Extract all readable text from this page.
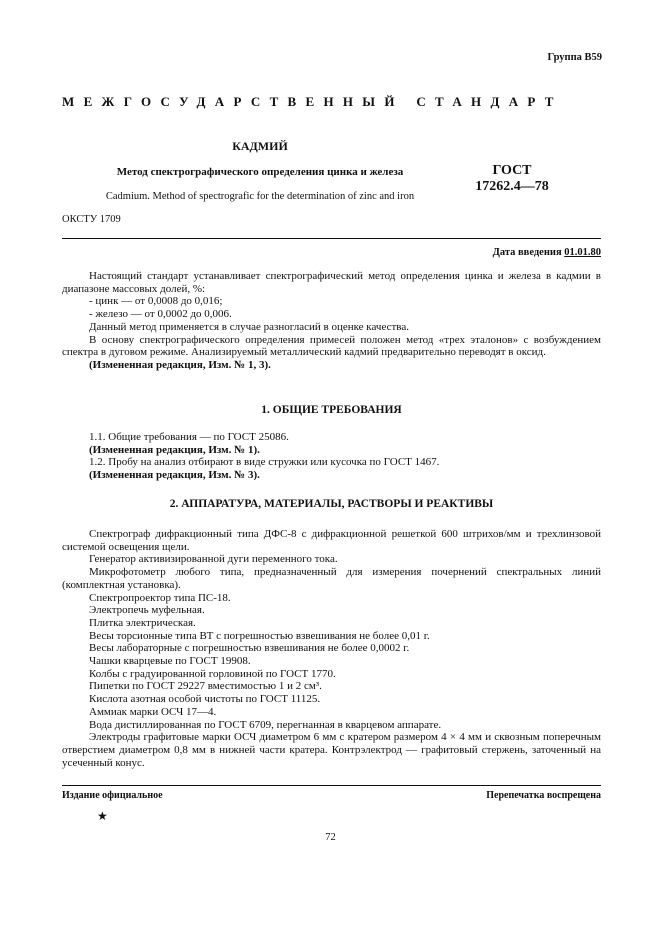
Группа В59
МЕЖГОСУДАРСТВЕННЫЙ СТАНДАРТ
КАДМИЙ
Метод спектрографического определения цинка и железа
Cadmium. Method of spectrografic for the determination of zinc and iron
ГОСТ
17262.4—78
ОКСТУ 1709
Дата введения 01.01.80

Настоящий стандарт устанавливает спектрографический метод определения цинка и железа в кадмии в диапазоне массовых долей, %:

- цинк — от 0,0008 до 0,016;

- железо — от 0,0002 до 0,006.

Данный метод применяется в случае разногласий в оценке качества.

В основу спектрографического определения примесей положен метод «трех эталонов» с возбуждением спектра в дуговом режиме. Анализируемый металлический кадмий предварительно переводят в оксид.

(Измененная редакция, Изм. № 1, 3).

1. ОБЩИЕ ТРЕБОВАНИЯ

1.1. Общие требования — по ГОСТ 25086.

(Измененная редакция, Изм. № 1).

1.2. Пробу на анализ отбирают в виде стружки или кусочка по ГОСТ 1467.

(Измененная редакция, Изм. № 3).

2. АППАРАТУРА, МАТЕРИАЛЫ, РАСТВОРЫ И РЕАКТИВЫ

Спектрограф дифракционный типа ДФС-8 с дифракционной решеткой 600 штрихов/мм и трехлинзовой системой освещения щели.

Генератор активизированной дуги переменного тока.

Микрофотометр любого типа, предназначенный для измерения почернений спектральных линий (комплектная установка).

Спектропроектор типа ПС-18.

Электропечь муфельная.

Плитка электрическая.

Весы торсионные типа ВТ с погрешностью взвешивания не более 0,01 г.

Весы лабораторные с погрешностью взвешивания не более 0,0002 г.

Чашки кварцевые по ГОСТ 19908.

Колбы с градуированной горловиной по ГОСТ 1770.

Пипетки по ГОСТ 29227 вместимостью 1 и 2 см³.

Кислота азотная особой чистоты по ГОСТ 11125.

Аммиак марки ОСЧ 17—4.

Вода дистиллированная по ГОСТ 6709, перегнанная в кварцевом аппарате.

Электроды графитовые марки ОСЧ диаметром 6 мм с кратером размером 4 × 4 мм и сквозным поперечным отверстием диаметром 0,8 мм в нижней части кратера. Контрэлектрод — графитовый стержень, заточенный на усеченный конус.

Издание официальное	Перепечатка воспрещена
★
72
